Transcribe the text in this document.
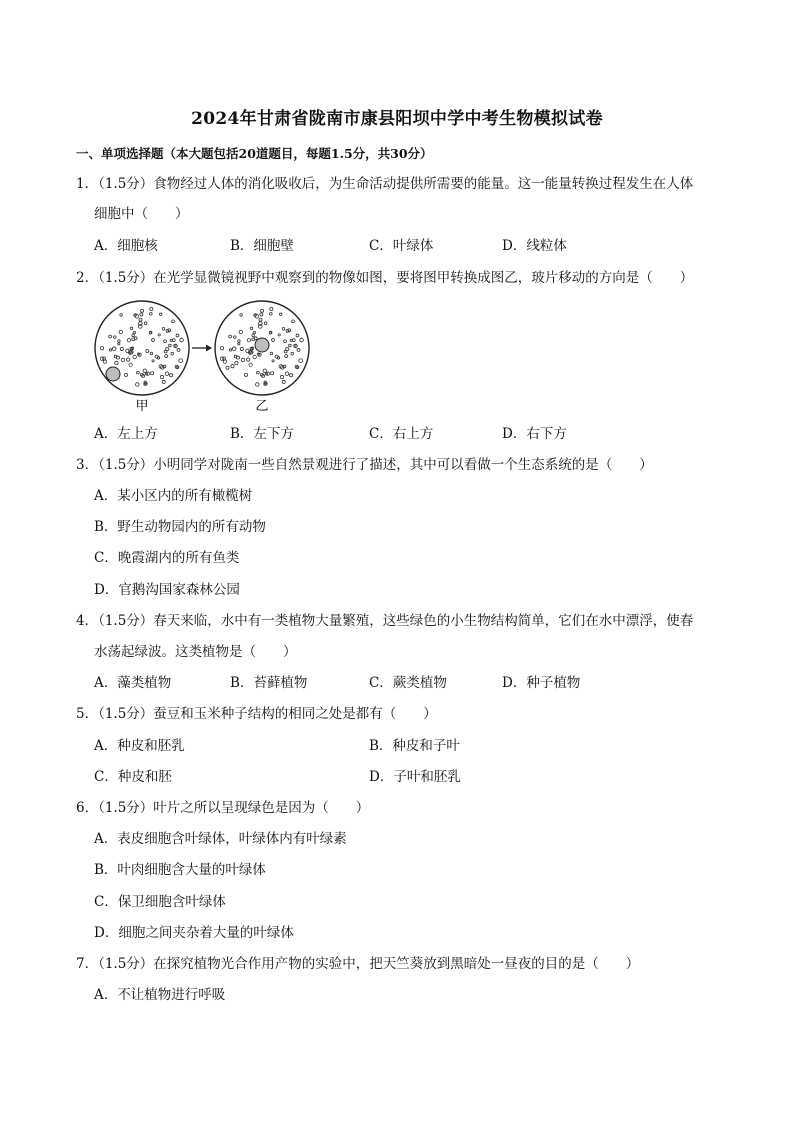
2024年甘肃省陇南市康县阳坝中学中考生物模拟试卷
一、单项选择题（本大题包括20道题目，每题1.5分，共30分）
1．（1.5分）食物经过人体的消化吸收后，为生命活动提供所需要的能量。这一能量转换过程发生在人体
细胞中（　　）
A．细胞核	B．细胞壁	C．叶绿体	D．线粒体
2．（1.5分）在光学显微镜视野中观察到的物像如图，要将图甲转换成图乙，玻片移动的方向是（　　）
甲	乙
A．左上方	B．左下方	C．右上方	D．右下方
3．（1.5分）小明同学对陇南一些自然景观进行了描述，其中可以看做一个生态系统的是（　　）
A．某小区内的所有橄榄树
B．野生动物园内的所有动物
C．晚霞湖内的所有鱼类
D．官鹅沟国家森林公园
4．（1.5分）春天来临，水中有一类植物大量繁殖，这些绿色的小生物结构简单，它们在水中漂浮，使春
水荡起绿波。这类植物是（　　）
A．藻类植物	B．苔藓植物	C．蕨类植物	D．种子植物
5．（1.5分）蚕豆和玉米种子结构的相同之处是都有（　　）
A．种皮和胚乳	B．种皮和子叶
C．种皮和胚	D．子叶和胚乳
6．（1.5分）叶片之所以呈现绿色是因为（　　）
A．表皮细胞含叶绿体，叶绿体内有叶绿素
B．叶肉细胞含大量的叶绿体
C．保卫细胞含叶绿体
D．细胞之间夹杂着大量的叶绿体
7．（1.5分）在探究植物光合作用产物的实验中，把天竺葵放到黑暗处一昼夜的目的是（　　）
A．不让植物进行呼吸
